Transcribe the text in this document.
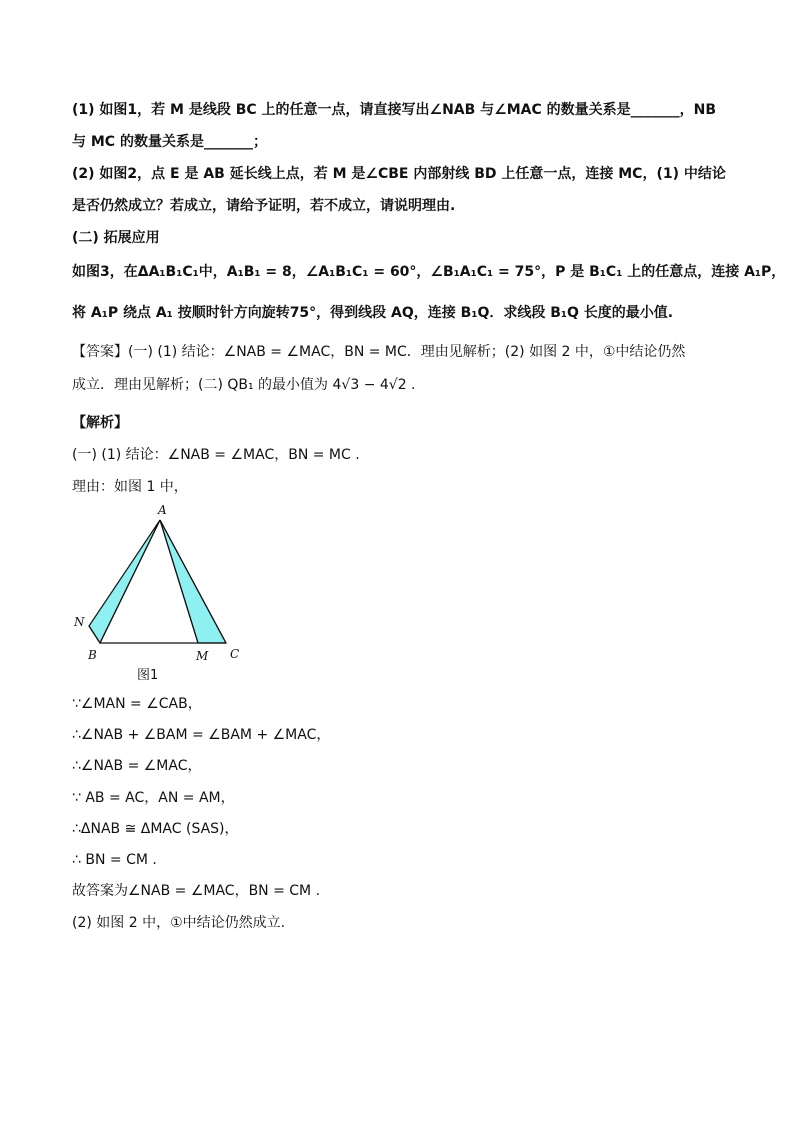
(1) 如图1，若 M 是线段 BC 上的任意一点，请直接写出∠NAB 与∠MAC 的数量关系是_______，NB
与 MC 的数量关系是_______；
(2) 如图2，点 E 是 AB 延长线上点，若 M 是∠CBE 内部射线 BD 上任意一点，连接 MC，(1) 中结论
是否仍然成立？若成立，请给予证明，若不成立，请说明理由.
(二) 拓展应用
如图3，在ΔA₁B₁C₁中，A₁B₁ = 8，∠A₁B₁C₁ = 60°，∠B₁A₁C₁ = 75°，P 是 B₁C₁ 上的任意点，连接 A₁P，
将 A₁P 绕点 A₁ 按顺时针方向旋转75°，得到线段 AQ，连接 B₁Q．求线段 B₁Q 长度的最小值.
【答案】(一) (1) 结论：∠NAB = ∠MAC，BN = MC．理由见解析；(2) 如图 2 中，①中结论仍然
成立．理由见解析；(二) QB₁ 的最小值为 4√3 − 4√2 .
【解析】
(一) (1) 结论：∠NAB = ∠MAC，BN = MC .
理由：如图 1 中，
A
N
B	M C
图1
∵∠MAN = ∠CAB，
∴∠NAB + ∠BAM = ∠BAM + ∠MAC，
∴∠NAB = ∠MAC，
∵ AB = AC，AN = AM，
∴ΔNAB ≅ ΔMAC (SAS)，
∴ BN = CM .
故答案为∠NAB = ∠MAC，BN = CM .
(2) 如图 2 中，①中结论仍然成立.
